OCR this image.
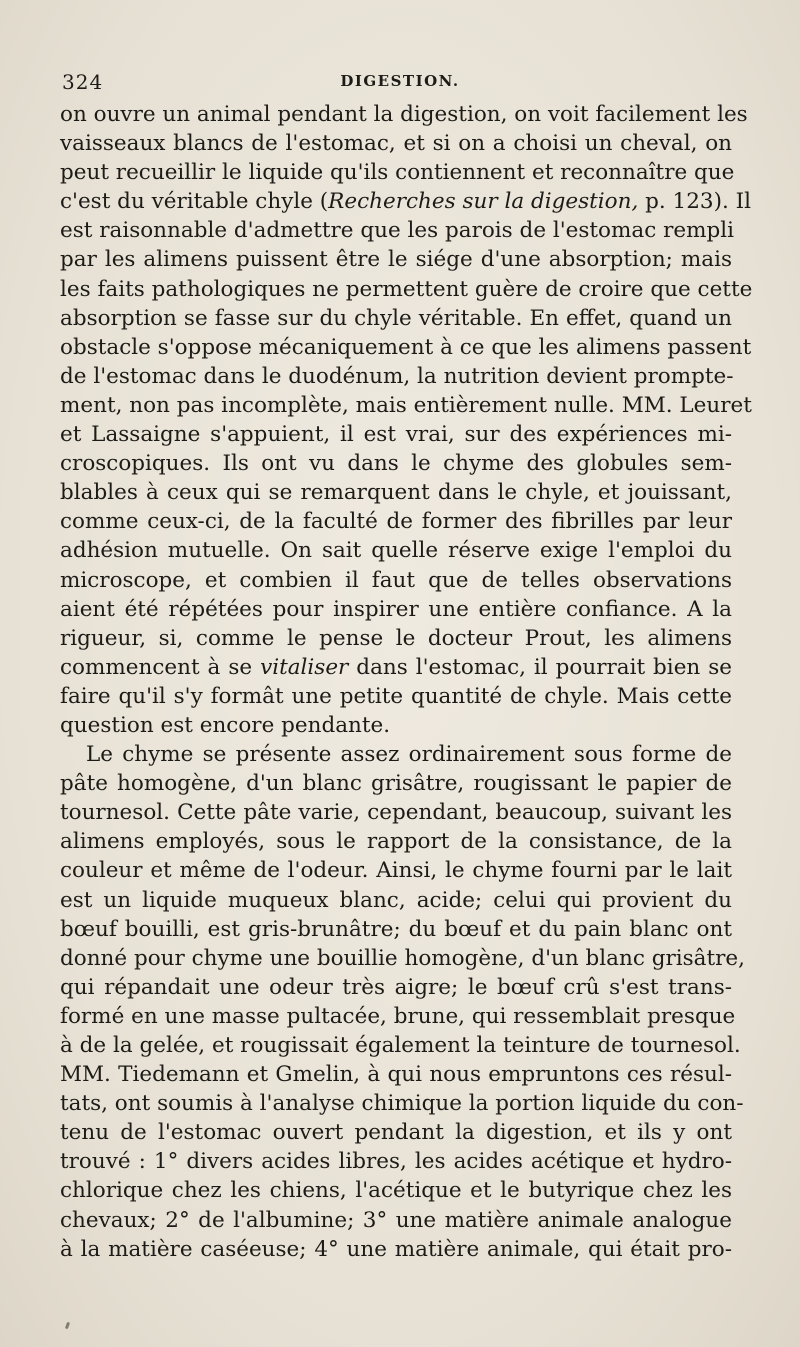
324	DIGESTION.
on ouvre un animal pendant la digestion, on voit facilement les
vaisseaux blancs de l'estomac, et si on a choisi un cheval, on
peut recueillir le liquide qu'ils contiennent et reconnaître que
c'est du véritable chyle (Recherches sur la digestion, p. 123). Il
est raisonnable d'admettre que les parois de l'estomac rempli
par les alimens puissent être le siége d'une absorption; mais
les faits pathologiques ne permettent guère de croire que cette
absorption se fasse sur du chyle véritable. En effet, quand un
obstacle s'oppose mécaniquement à ce que les alimens passent
de l'estomac dans le duodénum, la nutrition devient prompte-
ment, non pas incomplète, mais entièrement nulle. MM. Leuret
et Lassaigne s'appuient, il est vrai, sur des expériences mi-
croscopiques. Ils ont vu dans le chyme des globules sem-
blables à ceux qui se remarquent dans le chyle, et jouissant,
comme ceux-ci, de la faculté de former des fibrilles par leur
adhésion mutuelle. On sait quelle réserve exige l'emploi du
microscope, et combien il faut que de telles observations
aient été répétées pour inspirer une entière confiance. A la
rigueur, si, comme le pense le docteur Prout, les alimens
commencent à se vitaliser dans l'estomac, il pourrait bien se
faire qu'il s'y formât une petite quantité de chyle. Mais cette
question est encore pendante.
Le chyme se présente assez ordinairement sous forme de
pâte homogène, d'un blanc grisâtre, rougissant le papier de
tournesol. Cette pâte varie, cependant, beaucoup, suivant les
alimens employés, sous le rapport de la consistance, de la
couleur et même de l'odeur. Ainsi, le chyme fourni par le lait
est un liquide muqueux blanc, acide; celui qui provient du
bœuf bouilli, est gris-brunâtre; du bœuf et du pain blanc ont
donné pour chyme une bouillie homogène, d'un blanc grisâtre,
qui répandait une odeur très aigre; le bœuf crû s'est trans-
formé en une masse pultacée, brune, qui ressemblait presque
à de la gelée, et rougissait également la teinture de tournesol.
MM. Tiedemann et Gmelin, à qui nous empruntons ces résul-
tats, ont soumis à l'analyse chimique la portion liquide du con-
tenu de l'estomac ouvert pendant la digestion, et ils y ont
trouvé : 1° divers acides libres, les acides acétique et hydro-
chlorique chez les chiens, l'acétique et le butyrique chez les
chevaux; 2° de l'albumine; 3° une matière animale analogue
à la matière caséeuse; 4° une matière animale, qui était pro-
